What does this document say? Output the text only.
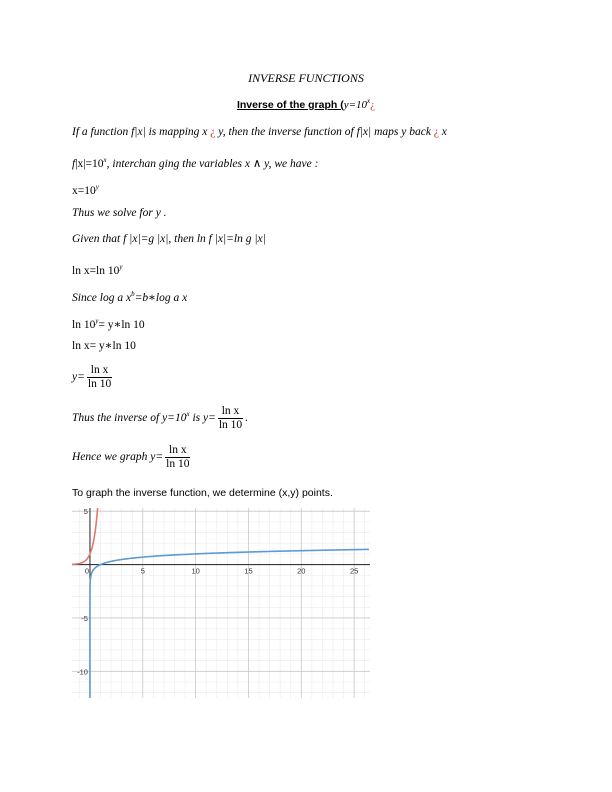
INVERSE FUNCTIONS
Inverse of the graph ($y=10^x¿$
If a function f|x| is mapping x ¿ y, then the inverse function of f|x| maps y back ¿ x
$f|x|=10^x$, interchan ging the variables x ∧ y, we have :
$x=10^y$
Thus we solve for y .
Given that f |x|=g |x|, then ln f |x|=ln g |x|
ln x=ln 10$^y$
Since log a $x^b=b∗\log$ a x
$\ln 10^y=$ y∗ln 10
ln x= y∗ln 10
$y= \frac{\text{ln x}}{\ln 10}$
Thus the inverse of $y=10^x$ is $y= \frac{\text{ln x}}{\ln 10}$ .
Hence we graph $y= \frac{\text{ln x}}{\ln 10}$
To graph the inverse function, we determine (x,y) points.
0	5	10	15	20	25
5
-5
-10
